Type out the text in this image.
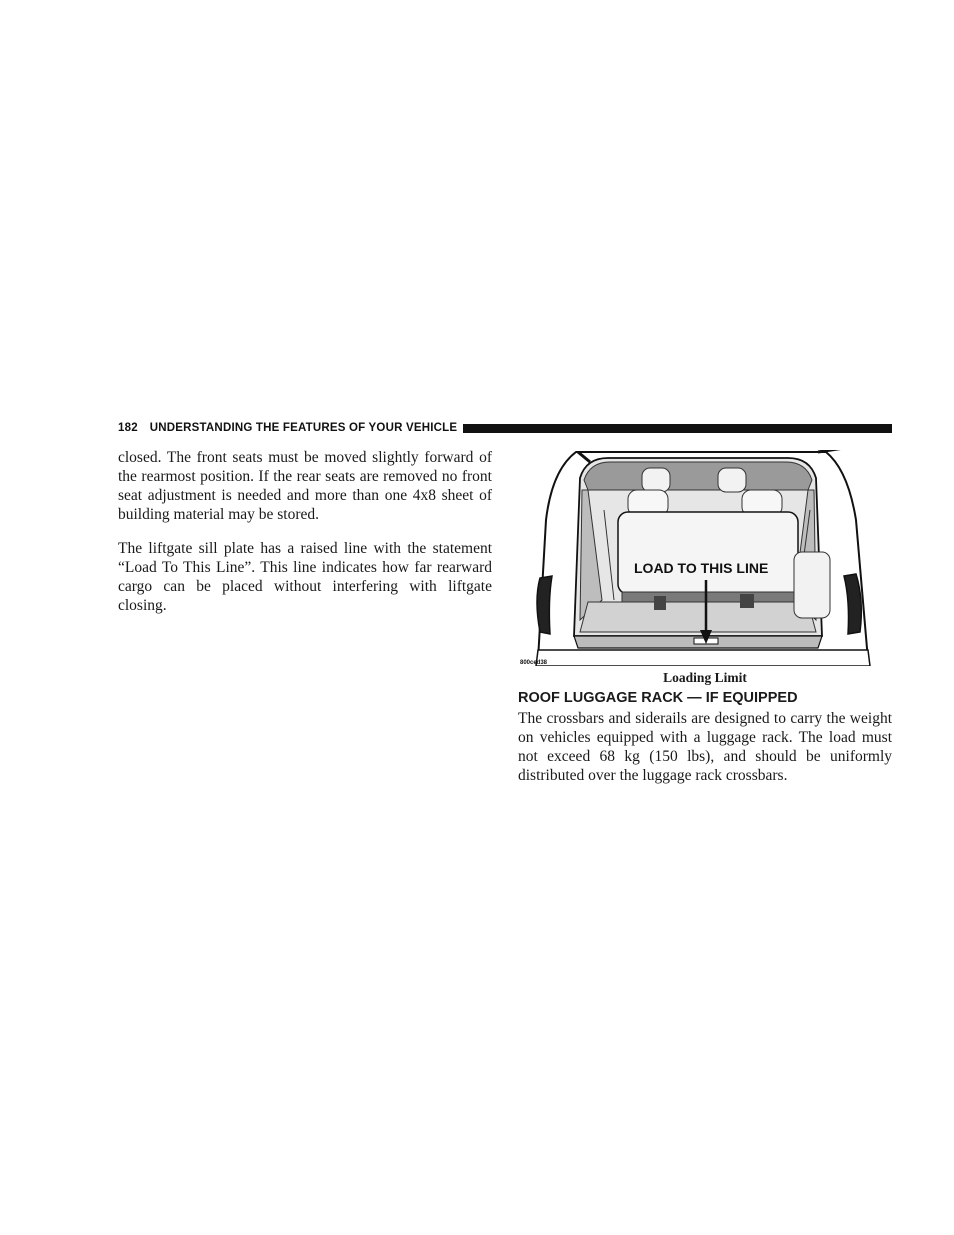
182 UNDERSTANDING THE FEATURES OF YOUR VEHICLE

closed. The front seats must be moved slightly forward of the rearmost position. If the rear seats are removed no front seat adjustment is needed and more than one 4x8 sheet of building material may be stored.

The liftgate sill plate has a raised line with the statement “Load To This Line”. This line indicates how far rearward cargo can be placed without interfering with liftgate closing.

LOAD TO THIS LINE
800ced38
Loading Limit
ROOF LUGGAGE RACK — IF EQUIPPED

The crossbars and siderails are designed to carry the weight on vehicles equipped with a luggage rack. The load must not exceed 68 kg (150 lbs), and should be uniformly distributed over the luggage rack crossbars.
